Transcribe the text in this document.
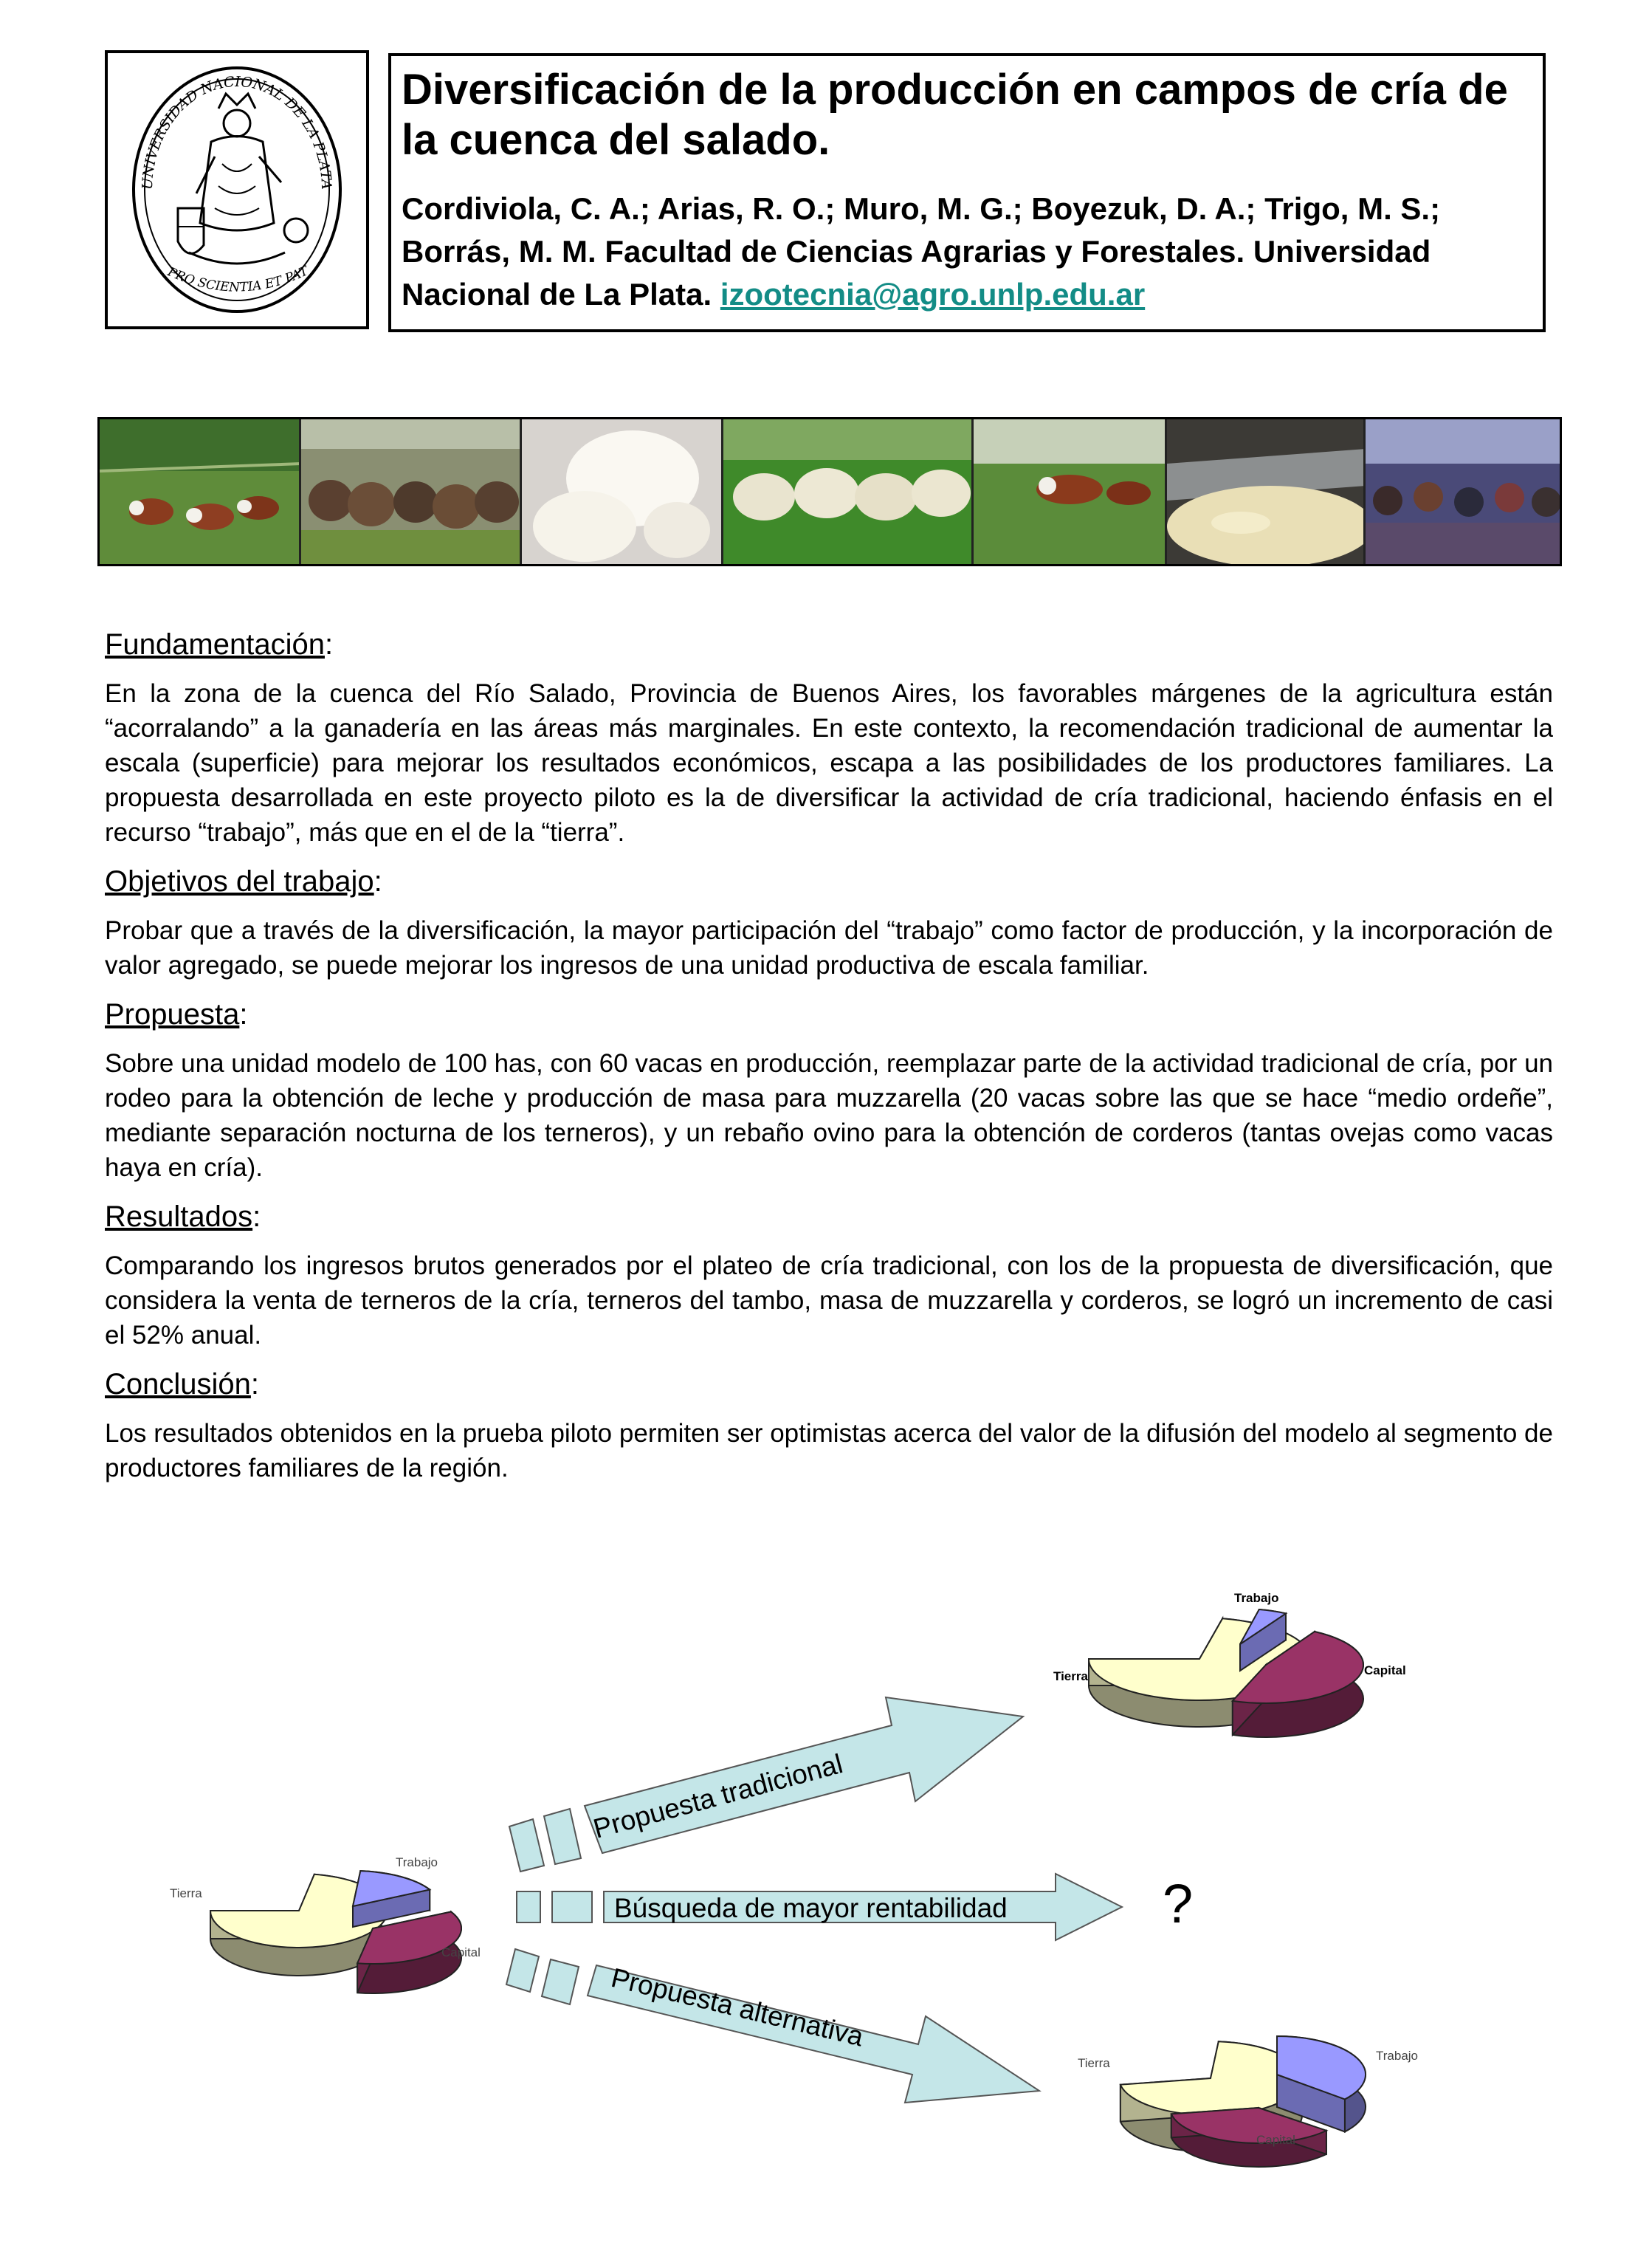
UNIVERSIDAD NACIONAL DE LA PLATA
PRO SCIENTIA ET PAT
Diversificación de la producción en campos de cría de la cuenca del salado.
Cordiviola, C. A.; Arias, R. O.; Muro, M. G.; Boyezuk, D. A.; Trigo, M. S.; Borrás, M. M. Facultad de Ciencias Agrarias y Forestales. Universidad Nacional de La Plata. izootecnia@agro.unlp.edu.ar
Fundamentación:

En la zona de la cuenca del Río Salado, Provincia de Buenos Aires, los favorables márgenes de la agricultura están “acorralando” a la ganadería en las áreas más marginales. En este contexto, la recomendación tradicional de aumentar la escala (superficie) para mejorar los resultados económicos, escapa a las posibilidades de los productores familiares. La propuesta desarrollada en este proyecto piloto es la de diversificar la actividad de cría tradicional, haciendo énfasis en el recurso “trabajo”, más que en el de la “tierra”.

Objetivos del trabajo:

Probar que a través de la diversificación, la mayor participación del “trabajo” como factor de producción, y la incorporación de valor agregado, se puede mejorar los ingresos de una unidad productiva de escala familiar.

Propuesta:

Sobre una unidad modelo de 100 has, con 60 vacas en producción, reemplazar parte de la actividad tradicional de cría, por un rodeo para la obtención de leche y producción de masa para muzzarella (20 vacas sobre las que se hace “medio ordeñe”, mediante separación nocturna de los terneros), y un rebaño ovino para la obtención de corderos (tantas ovejas como vacas haya en cría).

Resultados:

Comparando los ingresos brutos generados por el plateo de cría tradicional, con los de la propuesta de diversificación, que considera la venta de terneros de la cría, terneros del tambo, masa de muzzarella y corderos, se logró un incremento de casi el 52% anual.

Conclusión:

Los resultados obtenidos en la prueba piloto permiten ser optimistas acerca del valor de la difusión del modelo al segmento de productores familiares de la región.

Propuesta tradicional
Búsqueda de mayor rentabilidad	?
Propuesta alternativa
Tierra
Trabajo
Capital
Tierra
Trabajo
Capital
Tierra
Trabajo
Capital
